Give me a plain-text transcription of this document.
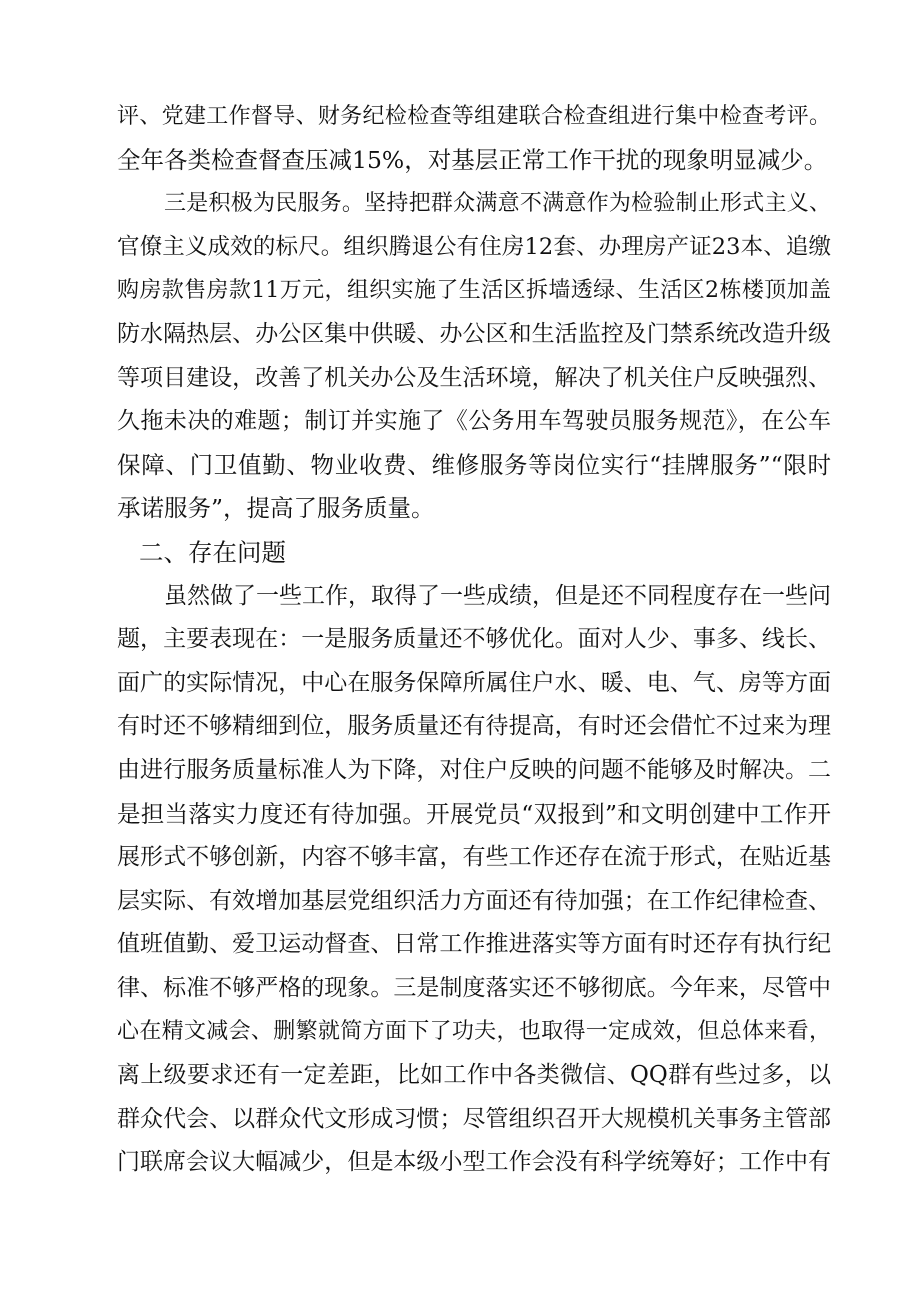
评、党建工作督导、财务纪检检查等组建联合检查组进行集中检查考评。
全年各类检查督查压减15%，对基层正常工作干扰的现象明显减少。
三是积极为民服务。坚持把群众满意不满意作为检验制止形式主义、
官僚主义成效的标尺。组织腾退公有住房12套、办理房产证23本、追缴
购房款售房款11万元，组织实施了生活区拆墙透绿、生活区2栋楼顶加盖
防水隔热层、办公区集中供暖、办公区和生活监控及门禁系统改造升级
等项目建设，改善了机关办公及生活环境，解决了机关住户反映强烈、
久拖未决的难题；制订并实施了《公务用车驾驶员服务规范》，在公车
保障、门卫值勤、物业收费、维修服务等岗位实行“挂牌服务”“限时
承诺服务”，提高了服务质量。
二、存在问题
虽然做了一些工作，取得了一些成绩，但是还不同程度存在一些问
题，主要表现在：一是服务质量还不够优化。面对人少、事多、线长、
面广的实际情况，中心在服务保障所属住户水、暖、电、气、房等方面
有时还不够精细到位，服务质量还有待提高，有时还会借忙不过来为理
由进行服务质量标准人为下降，对住户反映的问题不能够及时解决。二
是担当落实力度还有待加强。开展党员“双报到”和文明创建中工作开
展形式不够创新，内容不够丰富，有些工作还存在流于形式，在贴近基
层实际、有效增加基层党组织活力方面还有待加强；在工作纪律检查、
值班值勤、爱卫运动督查、日常工作推进落实等方面有时还存有执行纪
律、标准不够严格的现象。三是制度落实还不够彻底。今年来，尽管中
心在精文减会、删繁就简方面下了功夫，也取得一定成效，但总体来看，
离上级要求还有一定差距，比如工作中各类微信、QQ群有些过多，以
群众代会、以群众代文形成习惯；尽管组织召开大规模机关事务主管部
门联席会议大幅减少，但是本级小型工作会没有科学统筹好；工作中有
